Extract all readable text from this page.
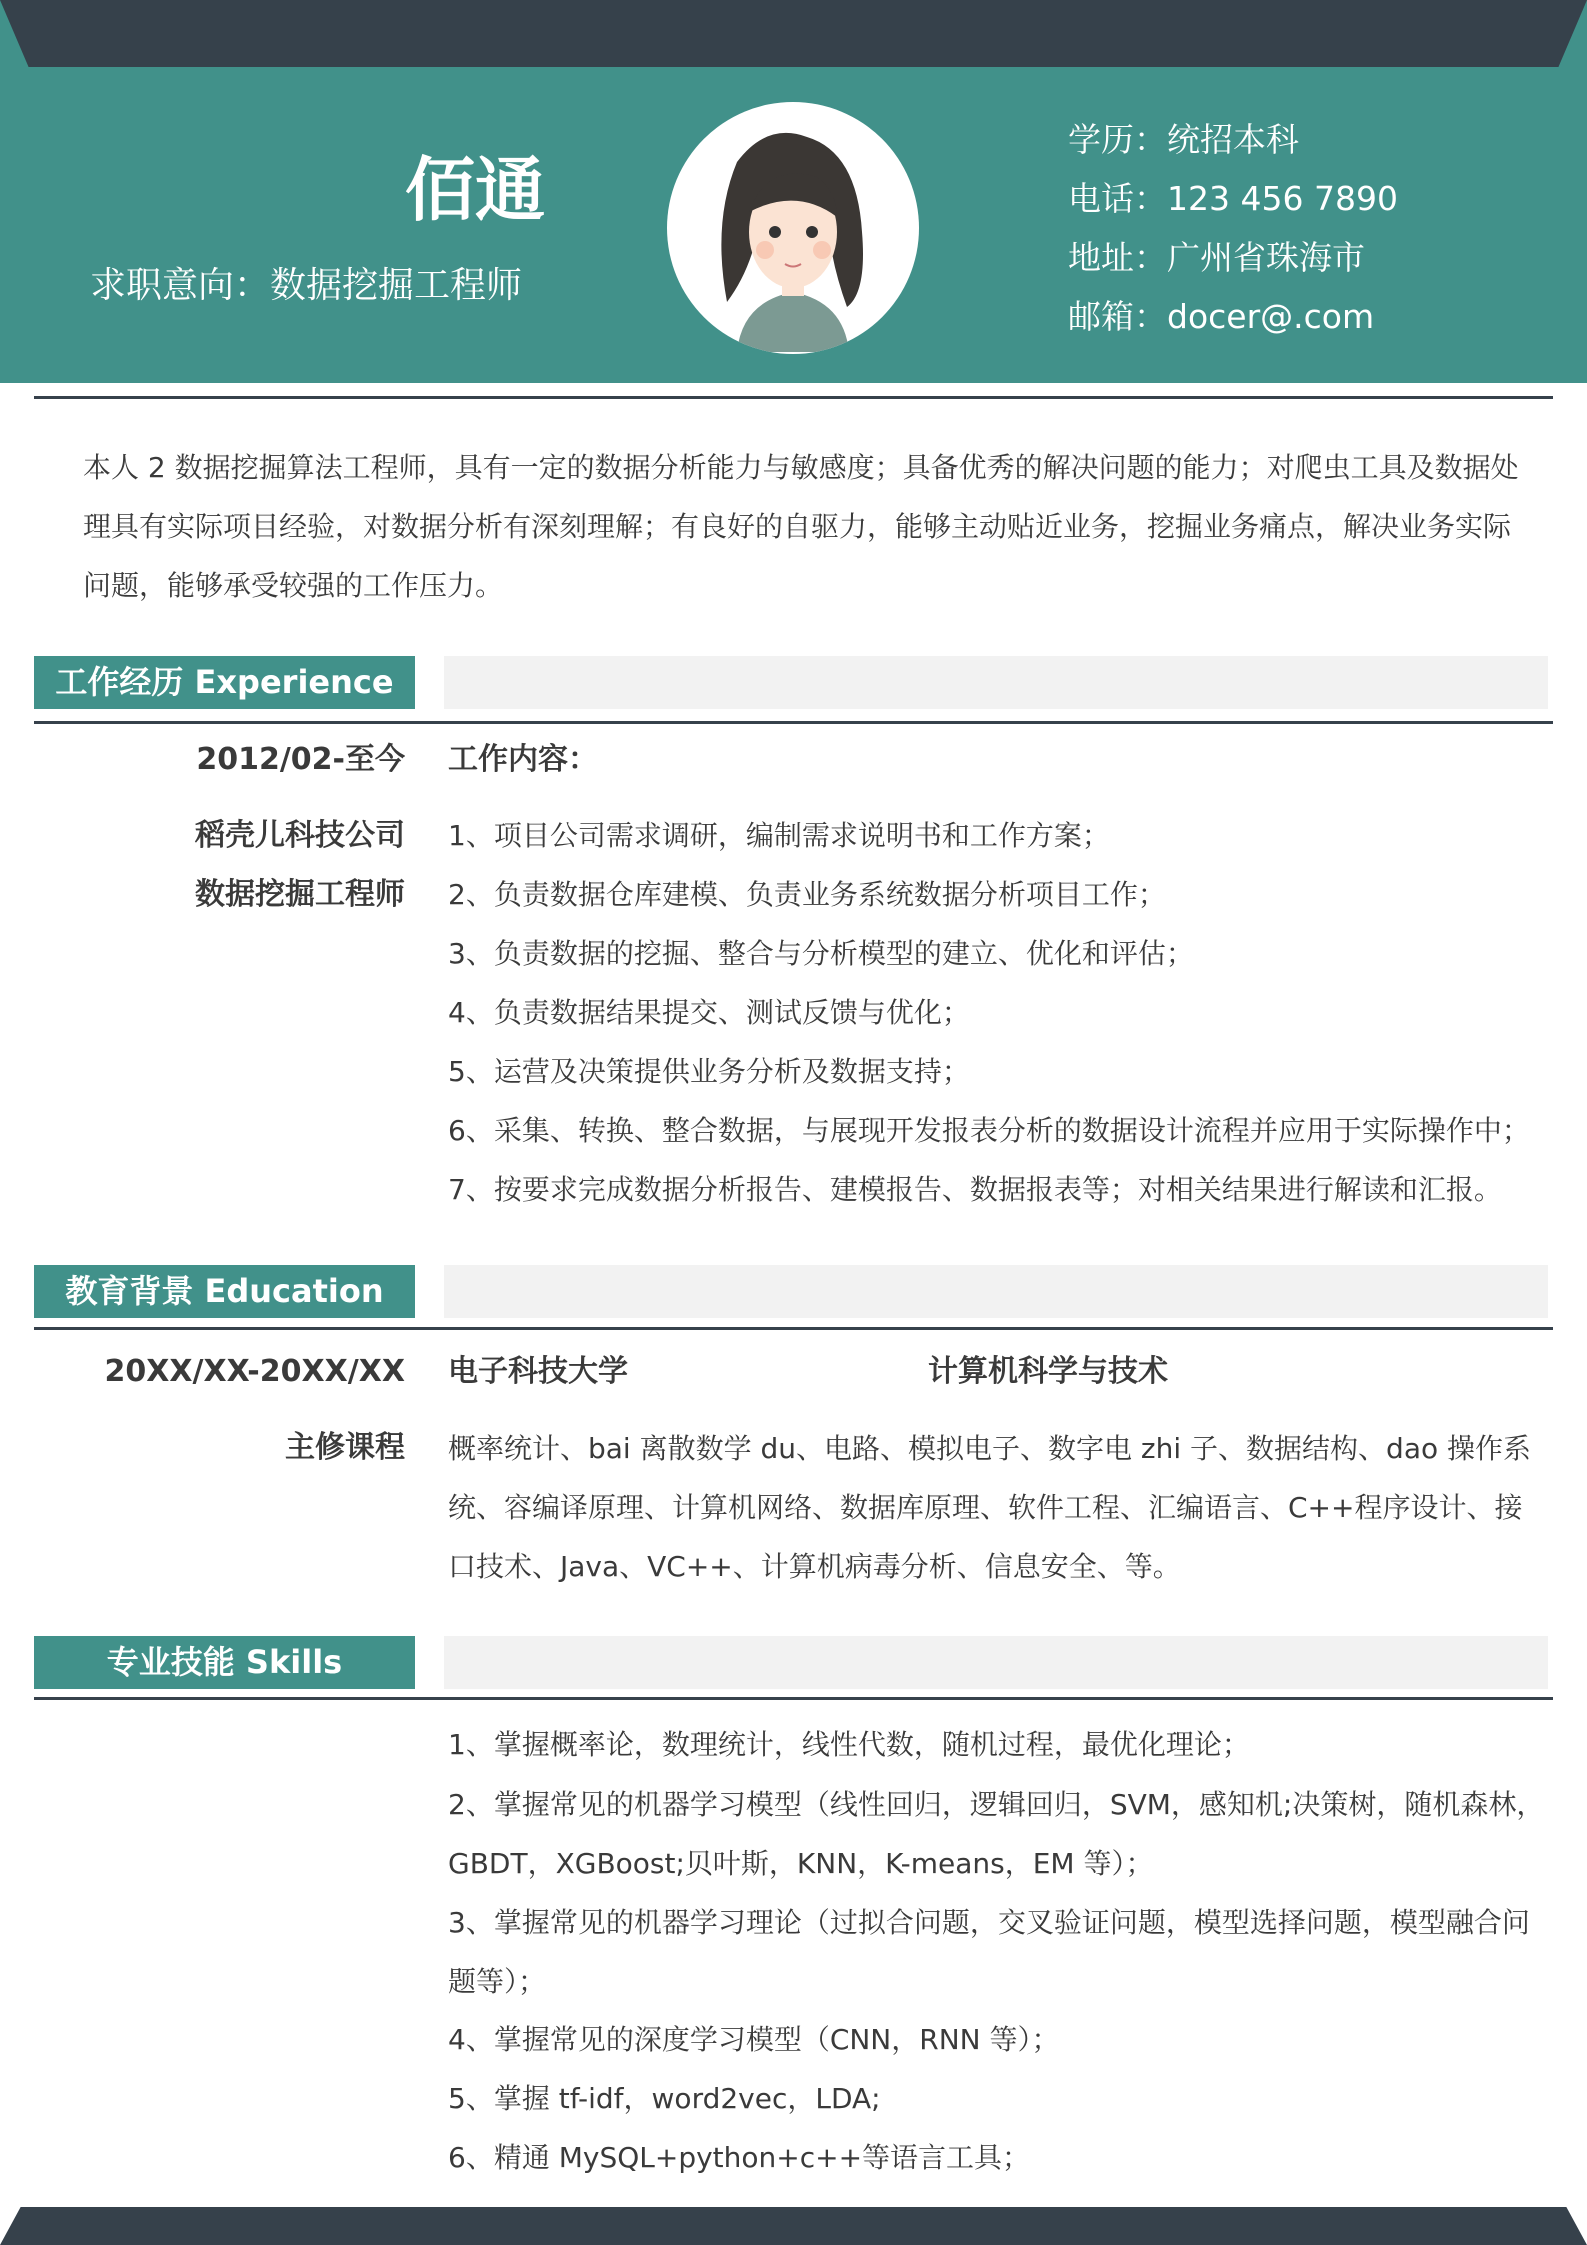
佰通
求职意向：数据挖掘工程师
学历：统招本科
电话：123 456 7890
地址：广州省珠海市
邮箱：docer@.com
本人 2 数据挖掘算法工程师，具有一定的数据分析能力与敏感度；具备优秀的解决问题的能力；对爬虫工具及数据处理具有实际项目经验，对数据分析有深刻理解；有良好的自驱力，能够主动贴近业务，挖掘业务痛点，解决业务实际问题，能够承受较强的工作压力。
工作经历 Experience
2012/02-至今 工作内容：
稻壳儿科技公司
数据挖掘工程师
1、项目公司需求调研，编制需求说明书和工作方案；
2、负责数据仓库建模、负责业务系统数据分析项目工作；
3、负责数据的挖掘、整合与分析模型的建立、优化和评估；
4、负责数据结果提交、测试反馈与优化；
5、运营及决策提供业务分析及数据支持；
6、采集、转换、整合数据，与展现开发报表分析的数据设计流程并应用于实际操作中；
7、按要求完成数据分析报告、建模报告、数据报表等；对相关结果进行解读和汇报。
教育背景 Education
20XX/XX-20XX/XX 电子科技大学	计算机科学与技术
主修课程 概率统计、bai 离散数学 du、电路、模拟电子、数字电 zhi 子、数据结构、dao 操作系统、容编译原理、计算机网络、数据库原理、软件工程、汇编语言、C++程序设计、接口技术、Java、VC++、计算机病毒分析、信息安全、等。
专业技能 Skills
1、掌握概率论，数理统计，线性代数，随机过程，最优化理论；
2、掌握常见的机器学习模型（线性回归，逻辑回归，SVM，感知机;决策树，随机森林，GBDT，XGBoost;贝叶斯，KNN，K-means，EM 等）；
3、掌握常见的机器学习理论（过拟合问题，交叉验证问题，模型选择问题，模型融合问题等）；
4、掌握常见的深度学习模型（CNN，RNN 等）；
5、掌握 tf-idf，word2vec，LDA;
6、精通 MySQL+python+c++等语言工具；
